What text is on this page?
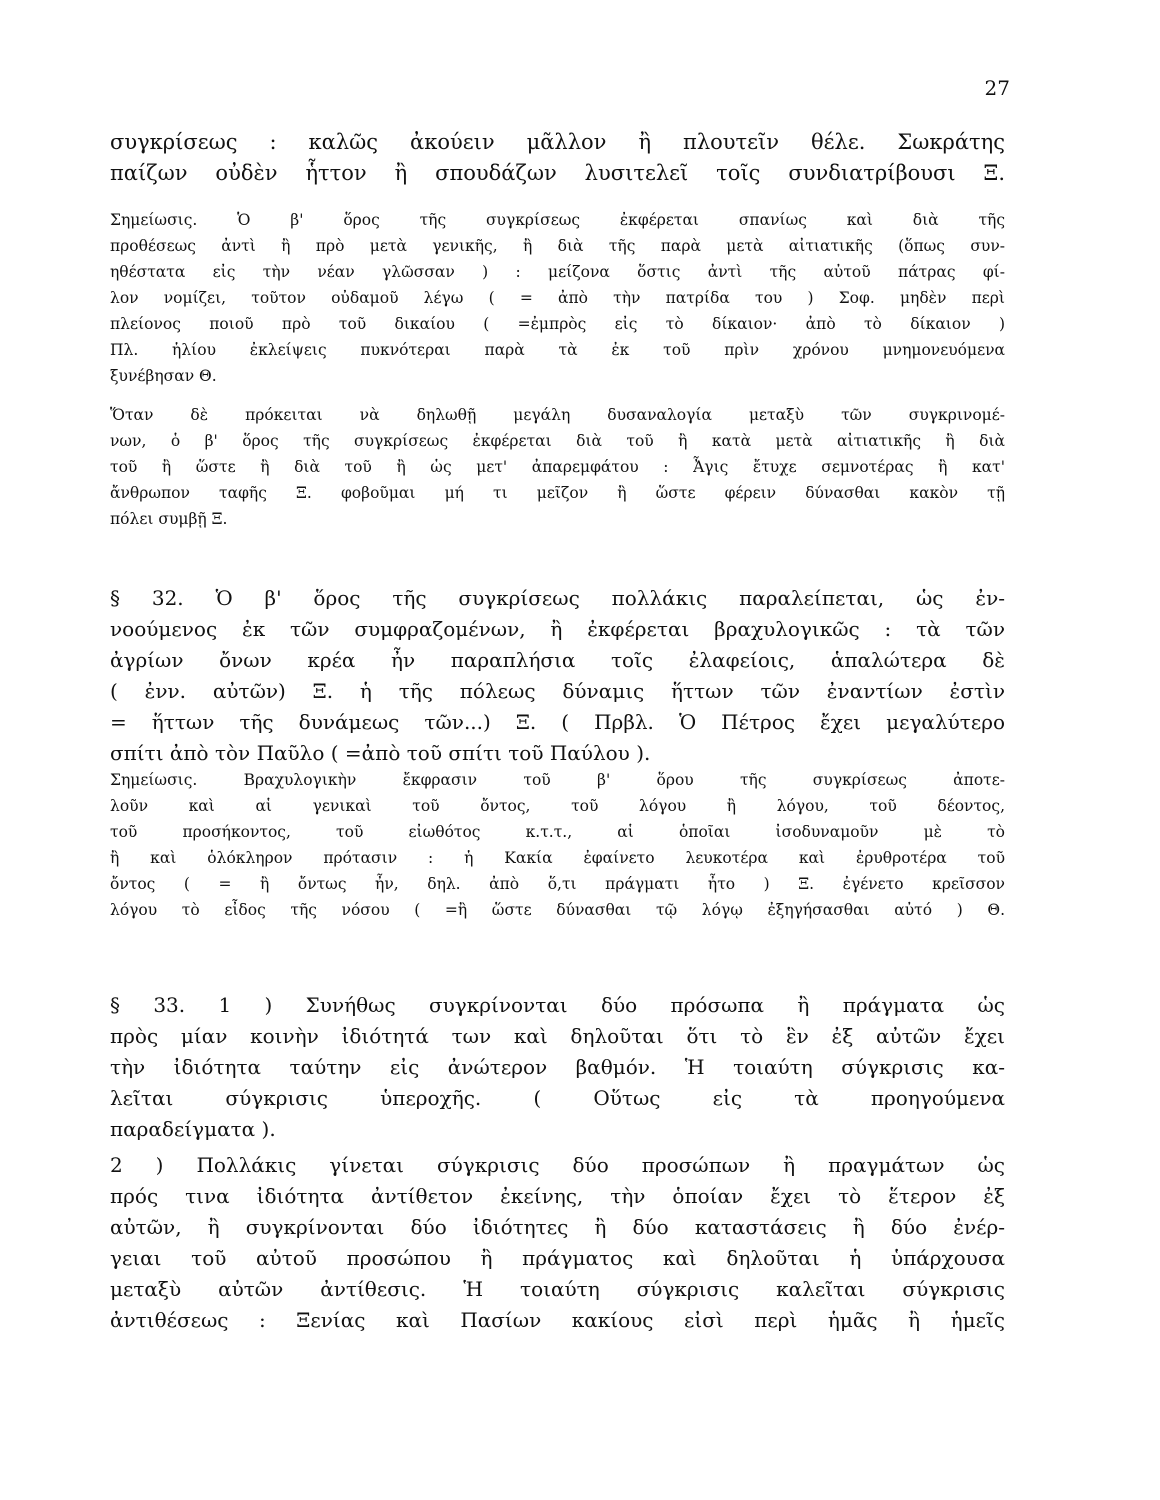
27
συγκρίσεως : καλῶς ἀκούειν μᾶλλον ἢ πλουτεῖν θέλε. Σωκράτης
παίζων οὐδὲν ἧττον ἢ σπουδάζων λυσιτελεῖ τοῖς συνδιατρίβουσι Ξ.
Σημείωσις. Ὁ β' ὅρος τῆς συγκρίσεως ἐκφέρεται σπανίως καὶ διὰ τῆς
προθέσεως ἀντὶ ἢ πρὸ μετὰ γενικῆς, ἢ διὰ τῆς παρὰ μετὰ αἰτιατικῆς (ὅπως συν-
ηθέστατα εἰς τὴν νέαν γλῶσσαν ) : μείζονα ὅστις ἀντὶ τῆς αὐτοῦ πάτρας φί-
λον νομίζει, τοῦτον οὐδαμοῦ λέγω ( = ἀπὸ τὴν πατρίδα του ) Σοφ. μηδὲν περὶ
πλείονος ποιοῦ πρὸ τοῦ δικαίου ( =ἐμπρὸς εἰς τὸ δίκαιον· ἀπὸ τὸ δίκαιον )
Πλ. ἡλίου ἐκλείψεις πυκνότεραι παρὰ τὰ ἐκ τοῦ πρὶν χρόνου μνημονευόμενα
ξυνέβησαν Θ.
Ὅταν δὲ πρόκειται νὰ δηλωθῇ μεγάλη δυσαναλογία μεταξὺ τῶν συγκρινομέ-
νων, ὁ β' ὅρος τῆς συγκρίσεως ἐκφέρεται διὰ τοῦ ἢ κατὰ μετὰ αἰτιατικῆς ἢ διὰ
τοῦ ἢ ὥστε ἢ διὰ τοῦ ἢ ὡς μετ' ἀπαρεμφάτου : Ἆγις ἔτυχε σεμνοτέρας ἢ κατ'
ἄνθρωπον ταφῆς Ξ. φοβοῦμαι μή τι μεῖζον ἢ ὥστε φέρειν δύνασθαι κακὸν τῇ
πόλει συμβῇ Ξ.
§ 32. Ὁ β' ὅρος τῆς συγκρίσεως πολλάκις παραλείπεται, ὡς ἐν-
νοούμενος ἐκ τῶν συμφραζομένων, ἢ ἐκφέρεται βραχυλογικῶς : τὰ τῶν
ἀγρίων ὄνων κρέα ἦν παραπλήσια τοῖς ἐλαφείοις, ἁπαλώτερα δὲ
( ἐνν. αὐτῶν) Ξ. ἡ τῆς πόλεως δύναμις ἥττων τῶν ἐναντίων ἐστὶν
= ἥττων τῆς δυνάμεως τῶν...) Ξ. ( Πρβλ. Ὁ Πέτρος ἔχει μεγαλύτερο
σπίτι ἀπὸ τὸν Παῦλο ( =ἀπὸ τοῦ σπίτι τοῦ Παύλου ).
Σημείωσις. Βραχυλογικὴν ἔκφρασιν τοῦ β' ὅρου τῆς συγκρίσεως ἀποτε-
λοῦν καὶ αἱ γενικαὶ τοῦ ὄντος, τοῦ λόγου ἢ λόγου, τοῦ δέοντος,
τοῦ προσήκοντος, τοῦ εἰωθότος κ.τ.τ., αἱ ὁποῖαι ἰσοδυναμοῦν μὲ τὸ
ἢ καὶ ὁλόκληρον πρότασιν : ἡ Κακία ἐφαίνετο λευκοτέρα καὶ ἐρυθροτέρα τοῦ
ὄντος ( = ἢ ὄντως ἦν, δηλ. ἀπὸ ὅ,τι πράγματι ἦτο ) Ξ. ἐγένετο κρεῖσσον
λόγου τὸ εἶδος τῆς νόσου ( =ἢ ὥστε δύνασθαι τῷ λόγῳ ἐξηγήσασθαι αὐτό ) Θ.
§ 33. 1 ) Συνήθως συγκρίνονται δύο πρόσωπα ἢ πράγματα ὡς
πρὸς μίαν κοινὴν ἰδιότητά των καὶ δηλοῦται ὅτι τὸ ἓν ἐξ αὐτῶν ἔχει
τὴν ἰδιότητα ταύτην εἰς ἀνώτερον βαθμόν. Ἡ τοιαύτη σύγκρισις κα-
λεῖται σύγκρισις ὑπεροχῆς. ( Οὕτως εἰς τὰ προηγούμενα
παραδείγματα ).
2 ) Πολλάκις γίνεται σύγκρισις δύο προσώπων ἢ πραγμάτων ὡς
πρός τινα ἰδιότητα ἀντίθετον ἐκείνης, τὴν ὁποίαν ἔχει τὸ ἕτερον ἐξ
αὐτῶν, ἢ συγκρίνονται δύο ἰδιότητες ἢ δύο καταστάσεις ἢ δύο ἐνέρ-
γειαι τοῦ αὐτοῦ προσώπου ἢ πράγματος καὶ δηλοῦται ἡ ὑπάρχουσα
μεταξὺ αὐτῶν ἀντίθεσις. Ἡ τοιαύτη σύγκρισις καλεῖται σύγκρισις
ἀντιθέσεως : Ξενίας καὶ Πασίων κακίους εἰσὶ περὶ ἡμᾶς ἢ ἡμεῖς
